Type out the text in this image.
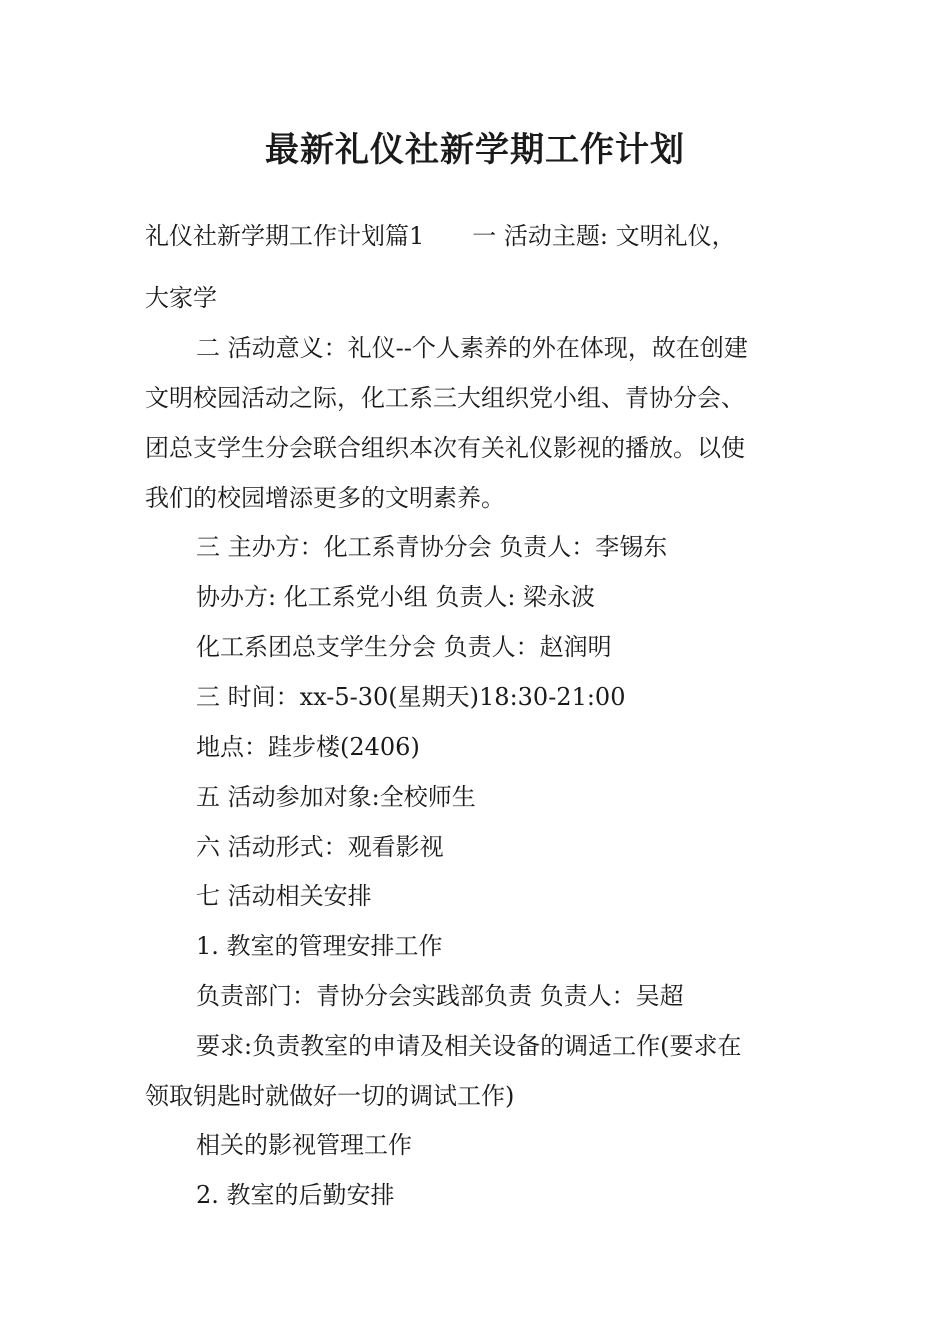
最新礼仪社新学期工作计划

礼仪社新学期工作计划篇1 一 活动主题: 文明礼仪，

大家学

二 活动意义：礼仪--个人素养的外在体现，故在创建

文明校园活动之际，化工系三大组织党小组、青协分会、

团总支学生分会联合组织本次有关礼仪影视的播放。以使

我们的校园增添更多的文明素养。

三 主办方：化工系青协分会 负责人：李锡东

协办方: 化工系党小组 负责人: 梁永波

化工系团总支学生分会 负责人：赵润明

三 时间：xx-5-30(星期天)18:30-21:00

地点：跬步楼(2406)

五 活动参加对象:全校师生

六 活动形式：观看影视

七 活动相关安排

1. 教室的管理安排工作

负责部门：青协分会实践部负责 负责人：吴超

要求:负责教室的申请及相关设备的调适工作(要求在

领取钥匙时就做好一切的调试工作)

相关的影视管理工作

2. 教室的后勤安排
